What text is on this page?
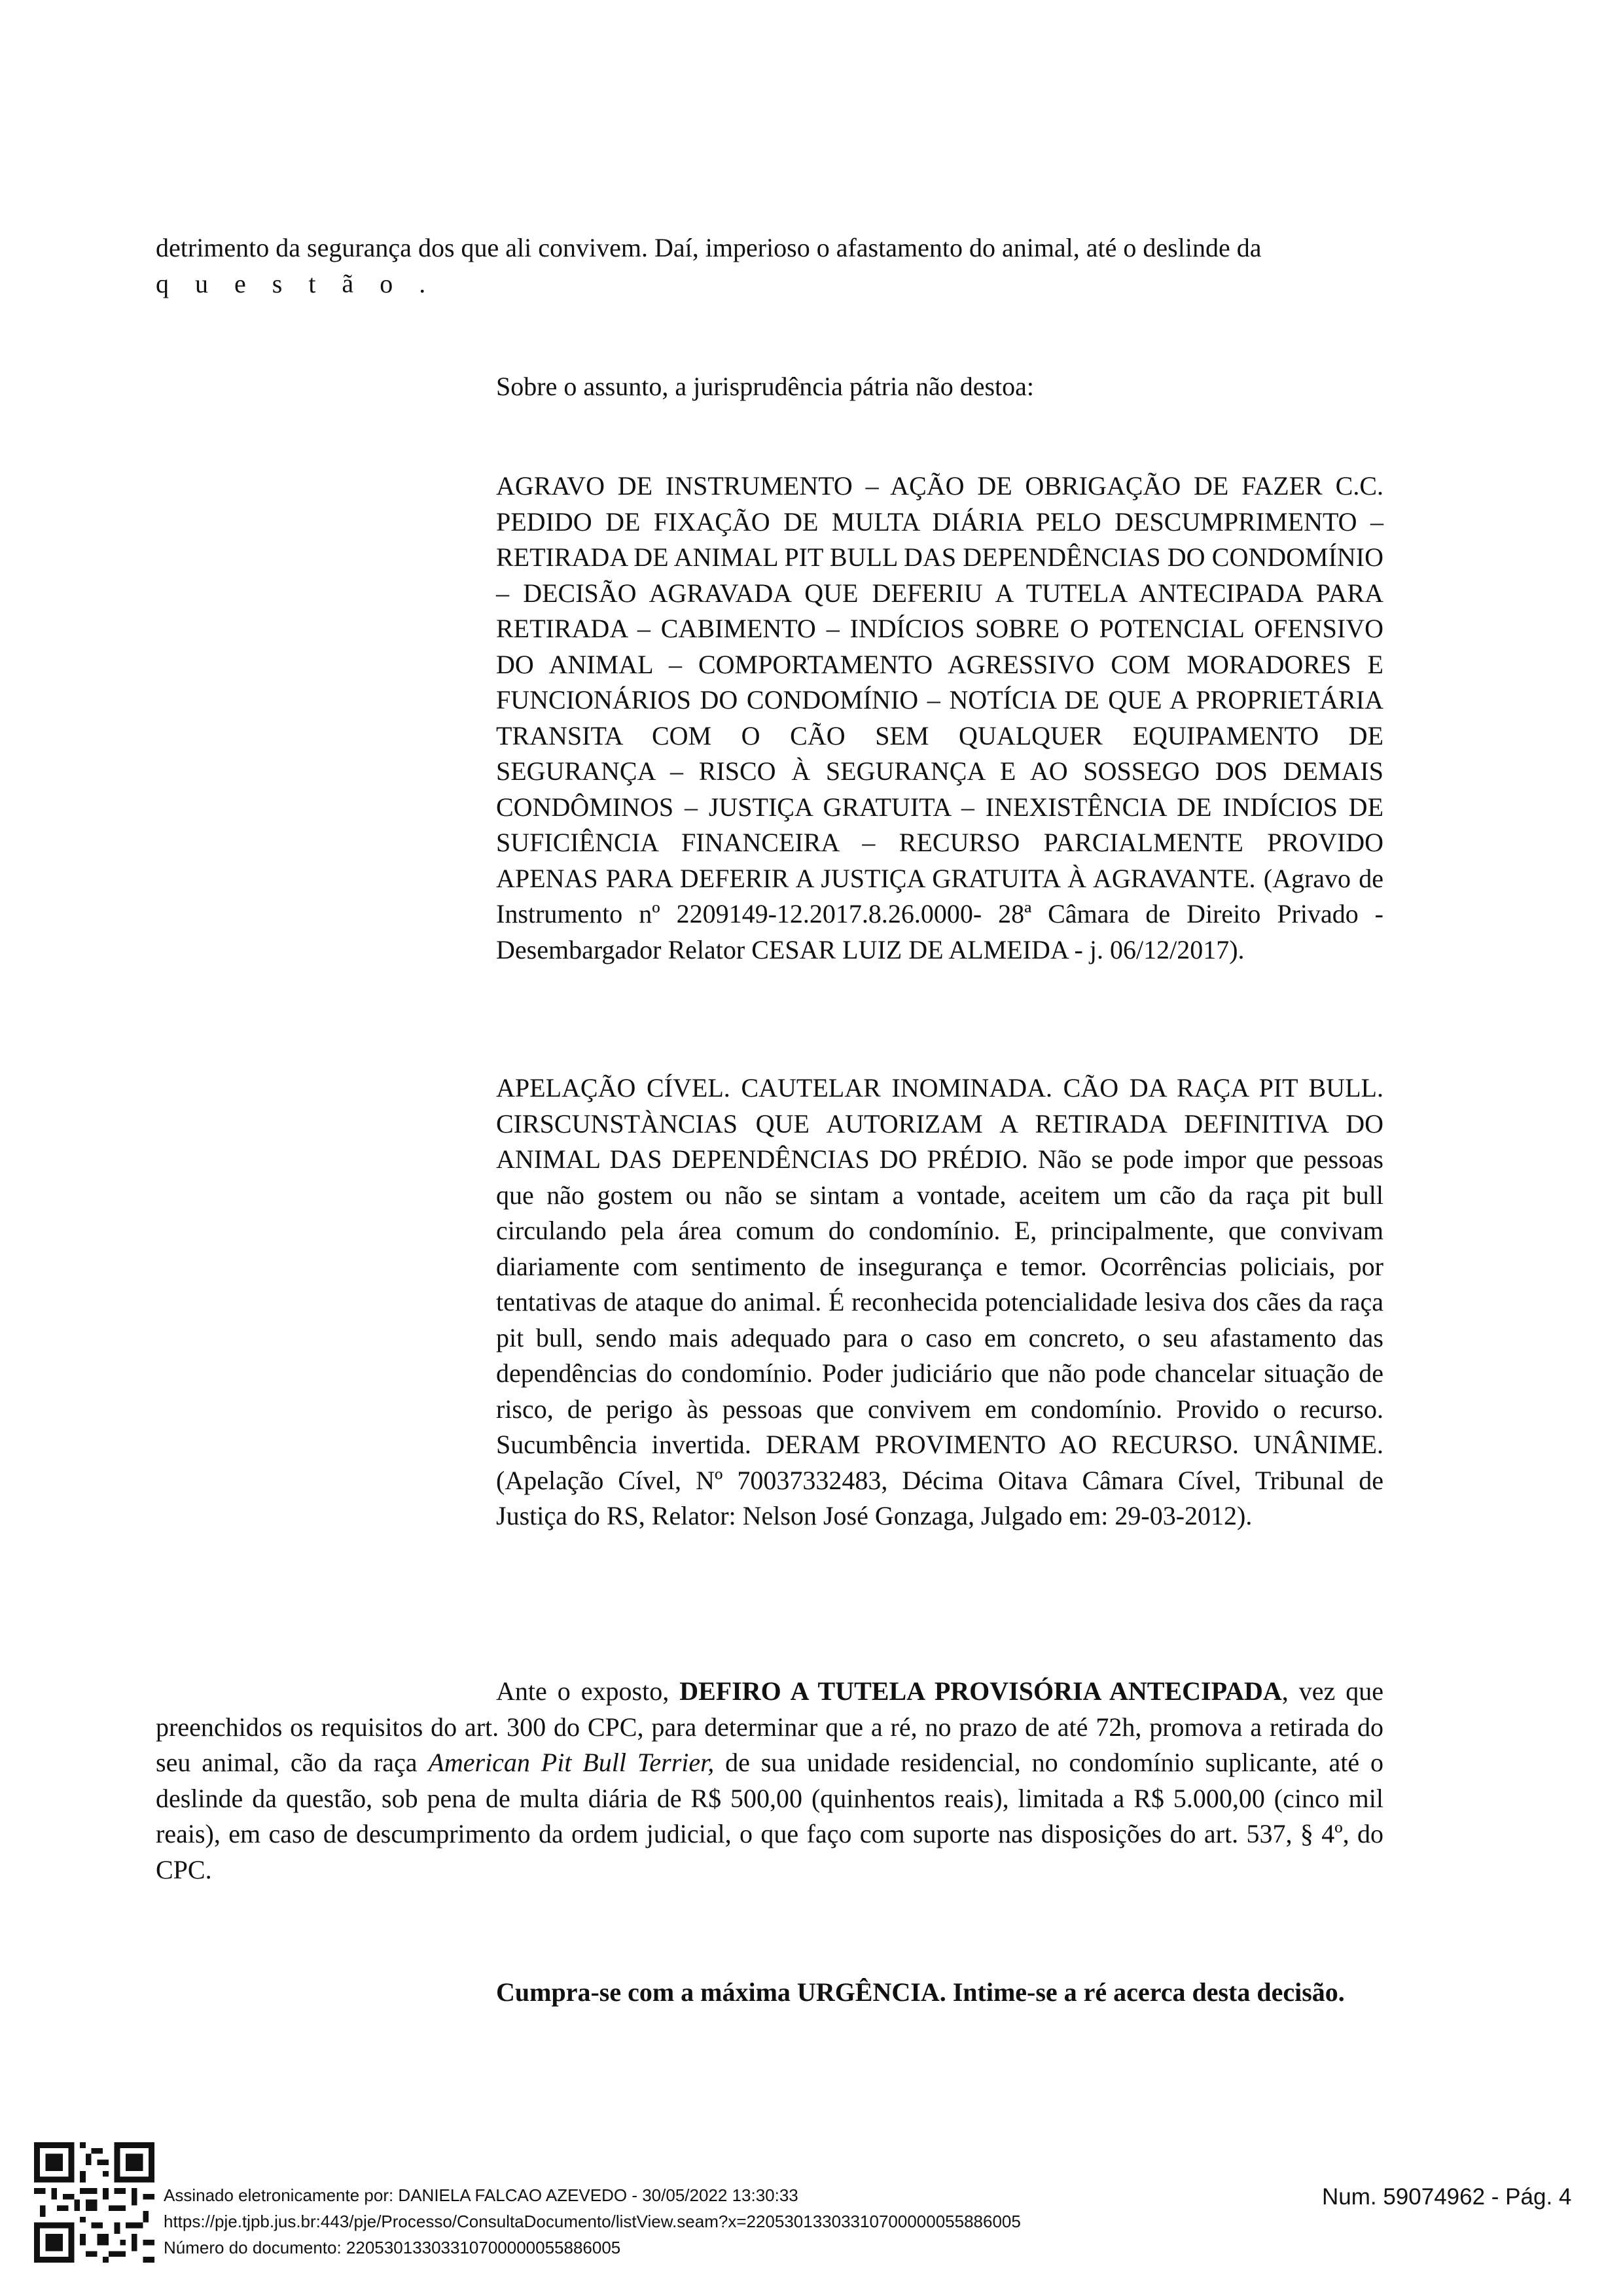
detrimento da segurança dos que ali convivem. Daí, imperioso o afastamento do animal, até o deslinde da
questão.

Sobre o assunto, a jurisprudência pátria não destoa:

AGRAVO DE INSTRUMENTO – AÇÃO DE OBRIGAÇÃO DE FAZER C.C. PEDIDO DE FIXAÇÃO DE MULTA DIÁRIA PELO DESCUMPRIMENTO – RETIRADA DE ANIMAL PIT BULL DAS DEPENDÊNCIAS DO CONDOMÍNIO – DECISÃO AGRAVADA QUE DEFERIU A TUTELA ANTECIPADA PARA RETIRADA – CABIMENTO – INDÍCIOS SOBRE O POTENCIAL OFENSIVO DO ANIMAL – COMPORTAMENTO AGRESSIVO COM MORADORES E FUNCIONÁRIOS DO CONDOMÍNIO – NOTÍCIA DE QUE A PROPRIETÁRIA TRANSITA COM O CÃO SEM QUALQUER EQUIPAMENTO DE SEGURANÇA – RISCO À SEGURANÇA E AO SOSSEGO DOS DEMAIS CONDÔMINOS – JUSTIÇA GRATUITA – INEXISTÊNCIA DE INDÍCIOS DE SUFICIÊNCIA FINANCEIRA – RECURSO PARCIALMENTE PROVIDO APENAS PARA DEFERIR A JUSTIÇA GRATUITA À AGRAVANTE. (Agravo de Instrumento nº 2209149-12.2017.8.26.0000- 28ª Câmara de Direito Privado - Desembargador Relator CESAR LUIZ DE ALMEIDA - j. 06/12/2017).

APELAÇÃO CÍVEL. CAUTELAR INOMINADA. CÃO DA RAÇA PIT BULL. CIRSCUNSTÀNCIAS QUE AUTORIZAM A RETIRADA DEFINITIVA DO ANIMAL DAS DEPENDÊNCIAS DO PRÉDIO. Não se pode impor que pessoas que não gostem ou não se sintam a vontade, aceitem um cão da raça pit bull circulando pela área comum do condomínio. E, principalmente, que convivam diariamente com sentimento de insegurança e temor. Ocorrências policiais, por tentativas de ataque do animal. É reconhecida potencialidade lesiva dos cães da raça pit bull, sendo mais adequado para o caso em concreto, o seu afastamento das dependências do condomínio. Poder judiciário que não pode chancelar situação de risco, de perigo às pessoas que convivem em condomínio. Provido o recurso. Sucumbência invertida. DERAM PROVIMENTO AO RECURSO. UNÂNIME. (Apelação Cível, Nº 70037332483, Décima Oitava Câmara Cível, Tribunal de Justiça do RS, Relator: Nelson José Gonzaga, Julgado em: 29-03-2012).

Ante o exposto, DEFIRO A TUTELA PROVISÓRIA ANTECIPADA, vez que preenchidos os requisitos do art. 300 do CPC, para determinar que a ré, no prazo de até 72h, promova a retirada do seu animal, cão da raça American Pit Bull Terrier, de sua unidade residencial, no condomínio suplicante, até o deslinde da questão, sob pena de multa diária de R$ 500,00 (quinhentos reais), limitada a R$ 5.000,00 (cinco mil reais), em caso de descumprimento da ordem judicial, o que faço com suporte nas disposições do art. 537, § 4º, do CPC.

Cumpra-se com a máxima URGÊNCIA. Intime-se a ré acerca desta decisão.

Assinado eletronicamente por: DANIELA FALCAO AZEVEDO - 30/05/2022 13:30:33
https://pje.tjpb.jus.br:443/pje/Processo/ConsultaDocumento/listView.seam?x=22053013303310700000055886005
Número do documento: 22053013303310700000055886005
Num. 59074962 - Pág. 4
